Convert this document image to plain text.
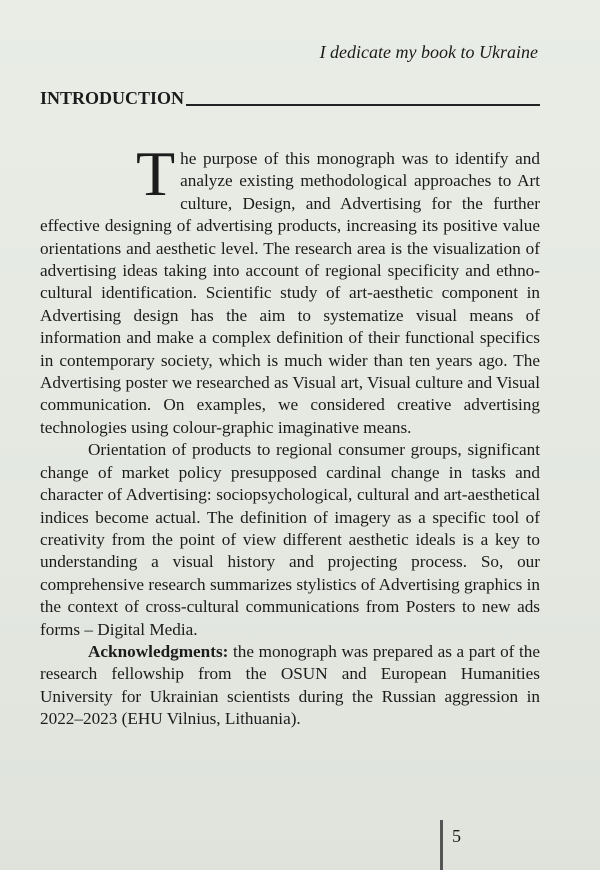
I dedicate my book to Ukraine
INTRODUCTION

The purpose of this monograph was to identify and analyze existing methodological approaches to Art culture, Design, and Advertising for the further effective designing of advertising products, increasing its positive value orientations and aesthetic level. The research area is the visualization of advertising ideas taking into account of regional specificity and ethno-cultural identification. Scientific study of art-aesthetic component in Advertising design has the aim to systematize visual means of information and make a complex definition of their functional specifics in contemporary society, which is much wider than ten years ago. The Advertising poster we researched as Visual art, Visual culture and Visual communication. On examples, we considered creative advertising technologies using colour-graphic imaginative means.

Orientation of products to regional consumer groups, significant change of market policy presupposed cardinal change in tasks and character of Advertising: sociopsychological, cultural and art-aesthetical indices become actual. The definition of imagery as a specific tool of creativity from the point of view different aesthetic ideals is a key to understanding a visual history and projecting process. So, our comprehensive research summarizes stylistics of Advertising graphics in the context of cross-cultural communications from Posters to new ads forms – Digital Media.

Acknowledgments: the monograph was prepared as a part of the research fellowship from the OSUN and European Humanities University for Ukrainian scientists during the Russian aggression in 2022–2023 (EHU Vilnius, Lithuania).

5
